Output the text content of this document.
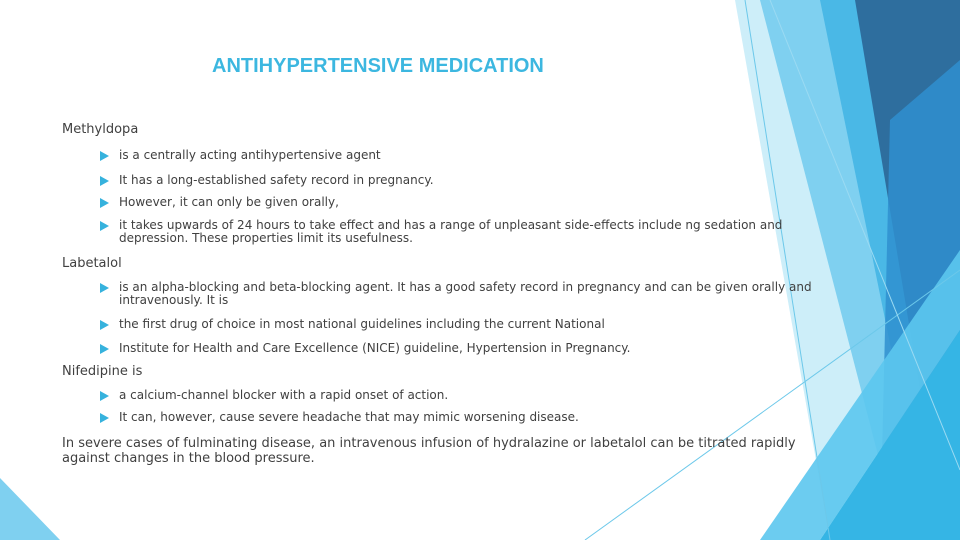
ANTIHYPERTENSIVE MEDICATION
Methyldopa
is a centrally acting antihypertensive agent
It has a long-established safety record in pregnancy.
However, it can only be given orally,
it takes upwards of 24 hours to take effect and has a range of unpleasant side-effects include ng sedation and depression. These properties limit its usefulness.
Labetalol
is an alpha-blocking and beta-blocking agent. It has a good safety record in pregnancy and can be given orally and intravenously. It is
the first drug of choice in most national guidelines including the current National
Institute for Health and Care Excellence (NICE) guideline, Hypertension in Pregnancy.
Nifedipine is
a calcium-channel blocker with a rapid onset of action.
It can, however, cause severe headache that may mimic worsening disease.
In severe cases of fulminating disease, an intravenous infusion of hydralazine or labetalol can be titrated rapidly against changes in the blood pressure.
